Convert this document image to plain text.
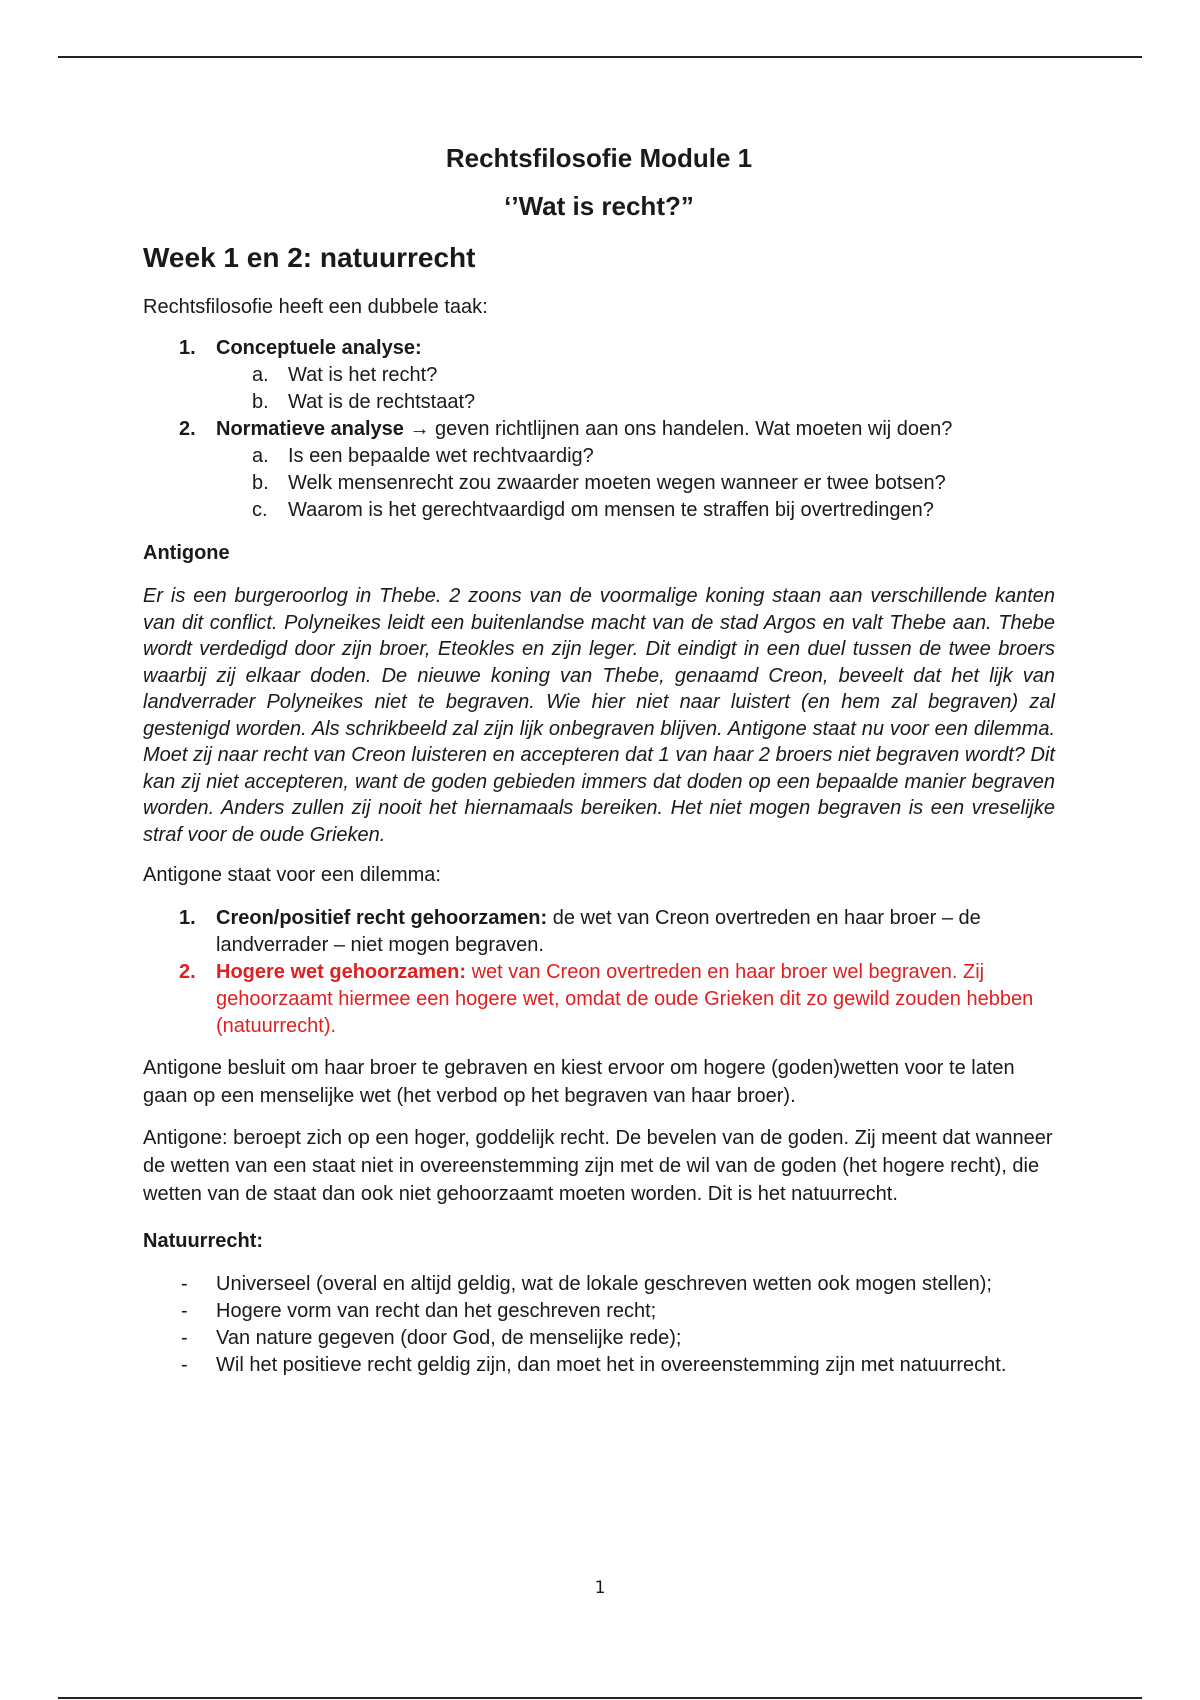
Rechtsfilosofie Module 1
‘’Wat is recht?”
Week 1 en 2: natuurrecht

Rechtsfilosofie heeft een dubbele taak:

1. Conceptuele analyse:
a. Wat is het recht?
b. Wat is de rechtstaat?
2. Normatieve analyse → geven richtlijnen aan ons handelen. Wat moeten wij doen?
a. Is een bepaalde wet rechtvaardig?
b. Welk mensenrecht zou zwaarder moeten wegen wanneer er twee botsen?
c. Waarom is het gerechtvaardigd om mensen te straffen bij overtredingen?
Antigone

Er is een burgeroorlog in Thebe. 2 zoons van de voormalige koning staan aan verschillende kanten van dit conflict. Polyneikes leidt een buitenlandse macht van de stad Argos en valt Thebe aan. Thebe wordt verdedigd door zijn broer, Eteokles en zijn leger. Dit eindigt in een duel tussen de twee broers waarbij zij elkaar doden. De nieuwe koning van Thebe, genaamd Creon, beveelt dat het lijk van landverrader Polyneikes niet te begraven. Wie hier niet naar luistert (en hem zal begraven) zal gestenigd worden. Als schrikbeeld zal zijn lijk onbegraven blijven. Antigone staat nu voor een dilemma. Moet zij naar recht van Creon luisteren en accepteren dat 1 van haar 2 broers niet begraven wordt? Dit kan zij niet accepteren, want de goden gebieden immers dat doden op een bepaalde manier begraven worden. Anders zullen zij nooit het hiernamaals bereiken. Het niet mogen begraven is een vreselijke straf voor de oude Grieken.

Antigone staat voor een dilemma:

1. Creon/positief recht gehoorzamen: de wet van Creon overtreden en haar broer – de landverrader – niet mogen begraven.
2. Hogere wet gehoorzamen: wet van Creon overtreden en haar broer wel begraven. Zij gehoorzaamt hiermee een hogere wet, omdat de oude Grieken dit zo gewild zouden hebben (natuurrecht).

Antigone besluit om haar broer te gebraven en kiest ervoor om hogere (goden)wetten voor te laten gaan op een menselijke wet (het verbod op het begraven van haar broer).

Antigone: beroept zich op een hoger, goddelijk recht. De bevelen van de goden. Zij meent dat wanneer de wetten van een staat niet in overeenstemming zijn met de wil van de goden (het hogere recht), die wetten van de staat dan ook niet gehoorzaamt moeten worden. Dit is het natuurrecht.

Natuurrecht:
- Universeel (overal en altijd geldig, wat de lokale geschreven wetten ook mogen stellen);
- Hogere vorm van recht dan het geschreven recht;
- Van nature gegeven (door God, de menselijke rede);
- Wil het positieve recht geldig zijn, dan moet het in overeenstemming zijn met natuurrecht.
1
